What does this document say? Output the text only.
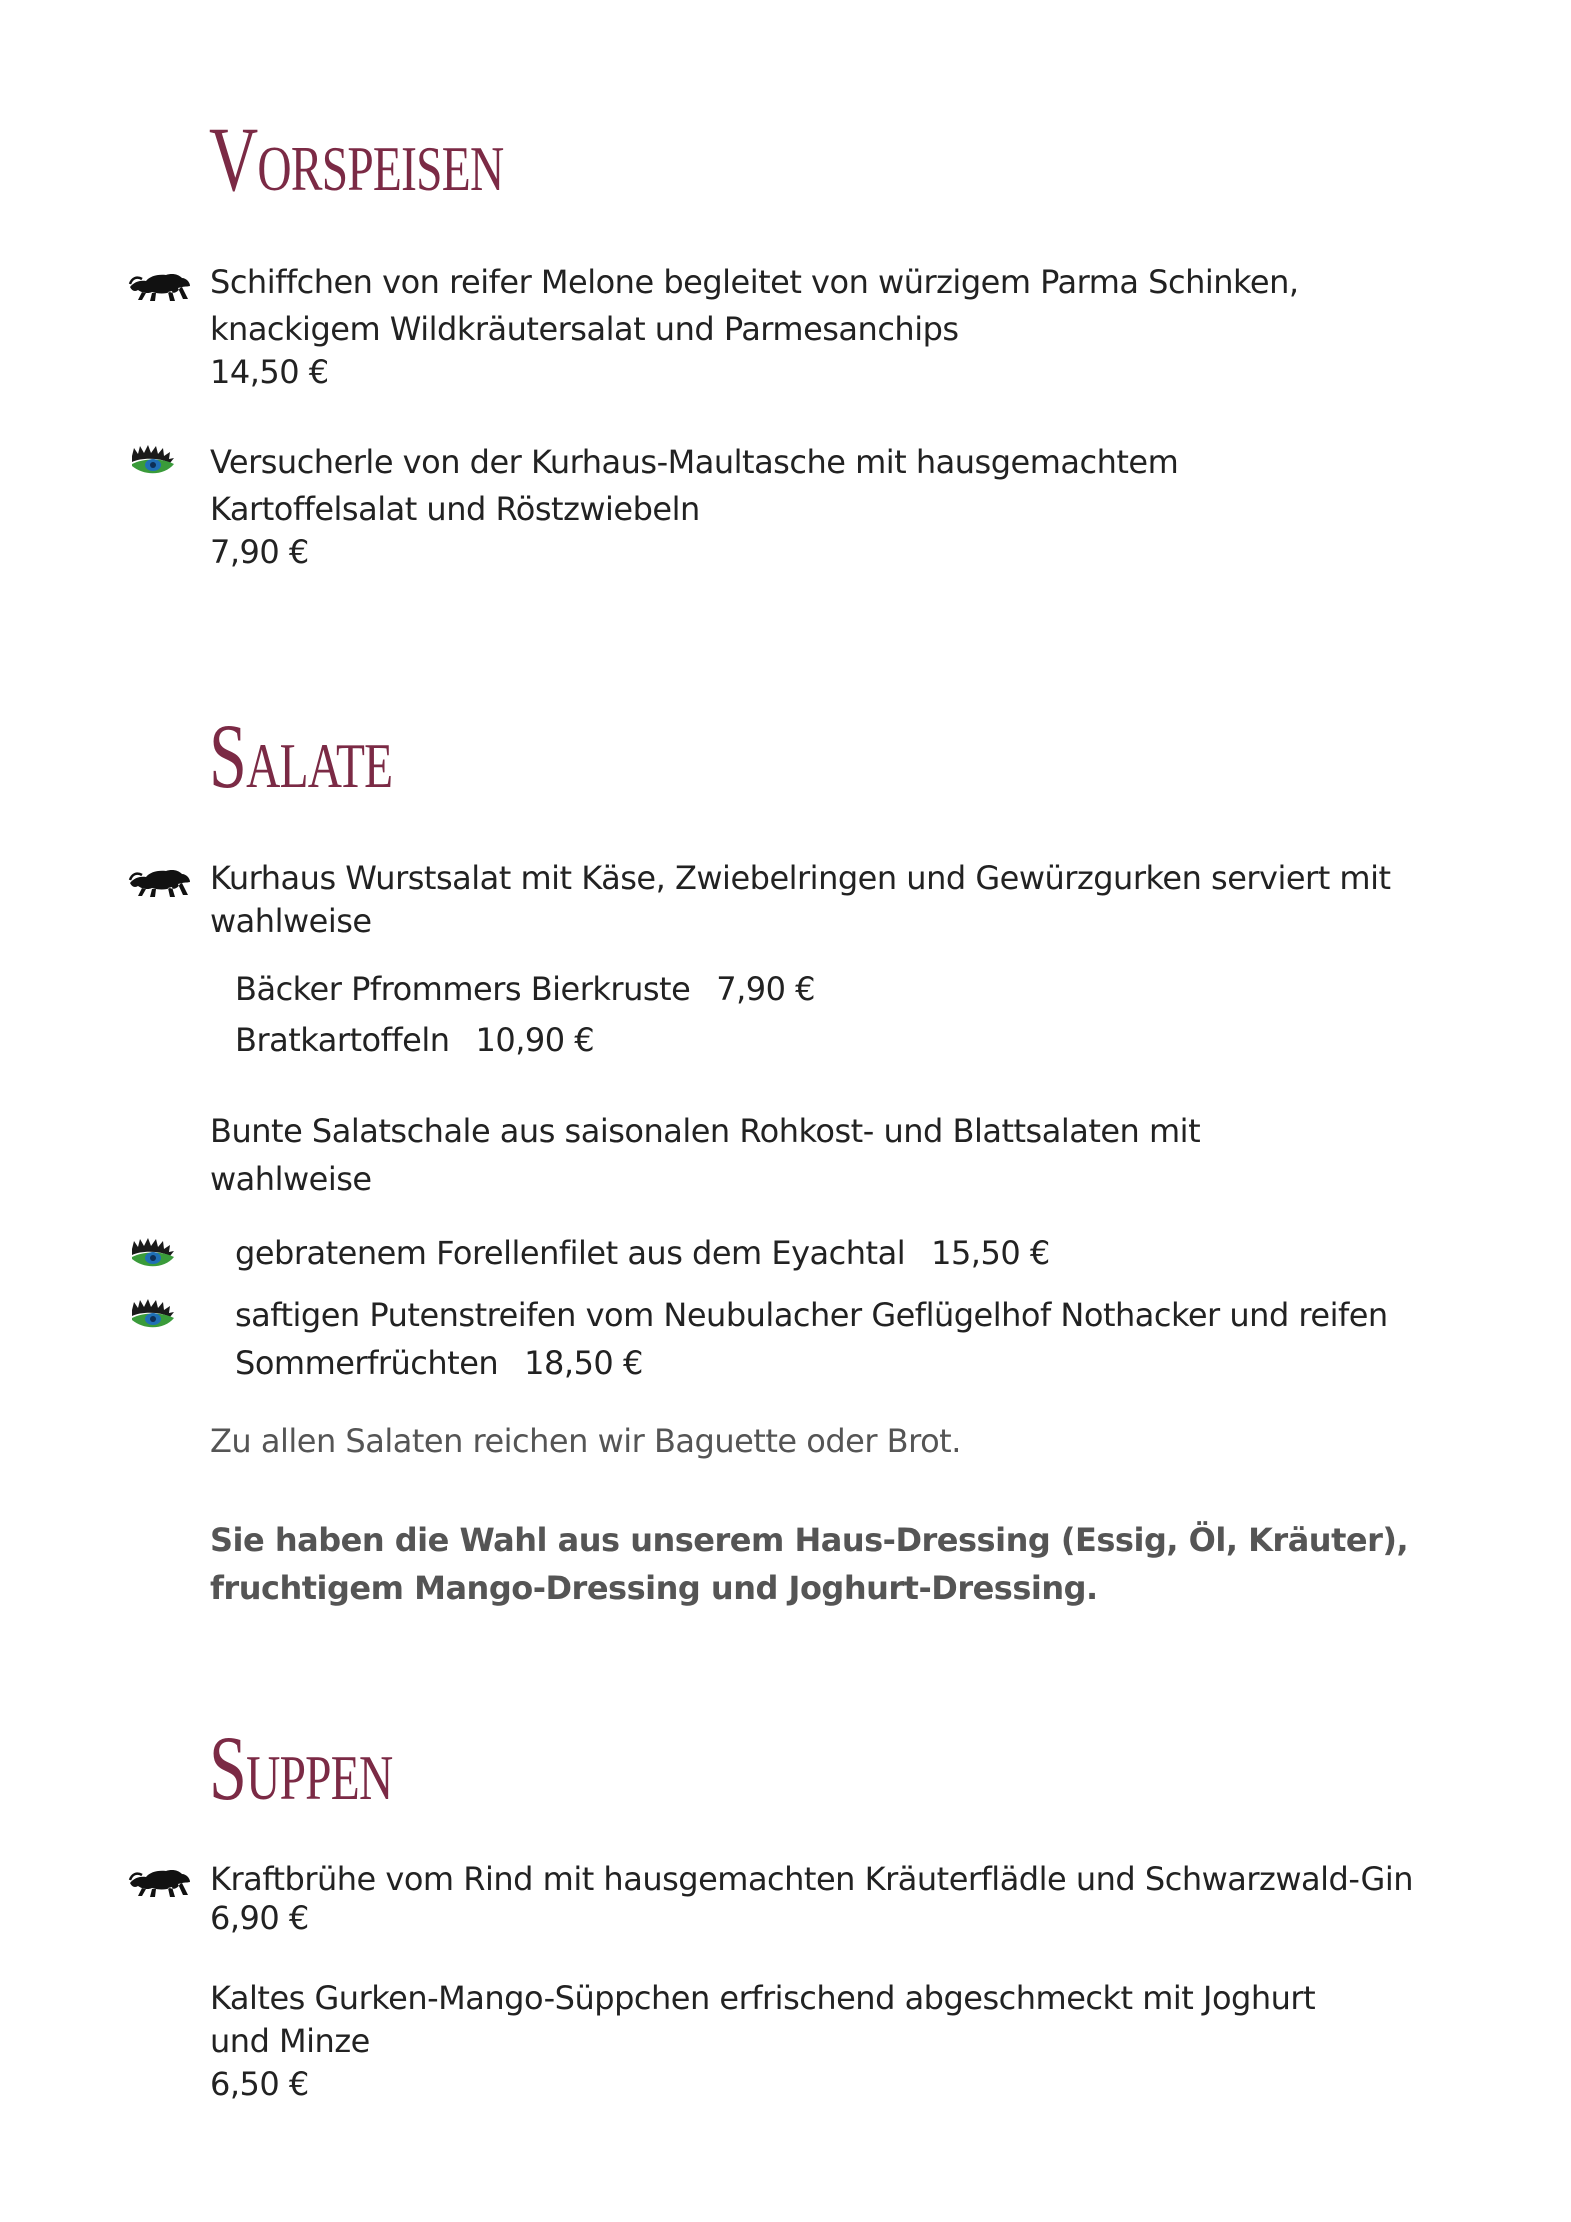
Vorspeisen

Schiffchen von reifer Melone begleitet von würzigem Parma Schinken,

knackigem Wildkräutersalat und Parmesanchips

14,50 €

Versucherle von der Kurhaus-Maultasche mit hausgemachtem

Kartoffelsalat und Röstzwiebeln

7,90 €

Salate

Kurhaus Wurstsalat mit Käse, Zwiebelringen und Gewürzgurken serviert mit

wahlweise

Bäcker Pfrommers Bierkruste 7,90 €

Bratkartoffeln 10,90 €

Bunte Salatschale aus saisonalen Rohkost- und Blattsalaten mit

wahlweise

gebratenem Forellenfilet aus dem Eyachtal 15,50 €

saftigen Putenstreifen vom Neubulacher Geflügelhof Nothacker und reifen

Sommerfrüchten 18,50 €

Zu allen Salaten reichen wir Baguette oder Brot.

Sie haben die Wahl aus unserem Haus-Dressing (Essig, Öl, Kräuter),

fruchtigem Mango-Dressing und Joghurt-Dressing.

Suppen

Kraftbrühe vom Rind mit hausgemachten Kräuterflädle und Schwarzwald-Gin

6,90 €

Kaltes Gurken-Mango-Süppchen erfrischend abgeschmeckt mit Joghurt

und Minze

6,50 €
